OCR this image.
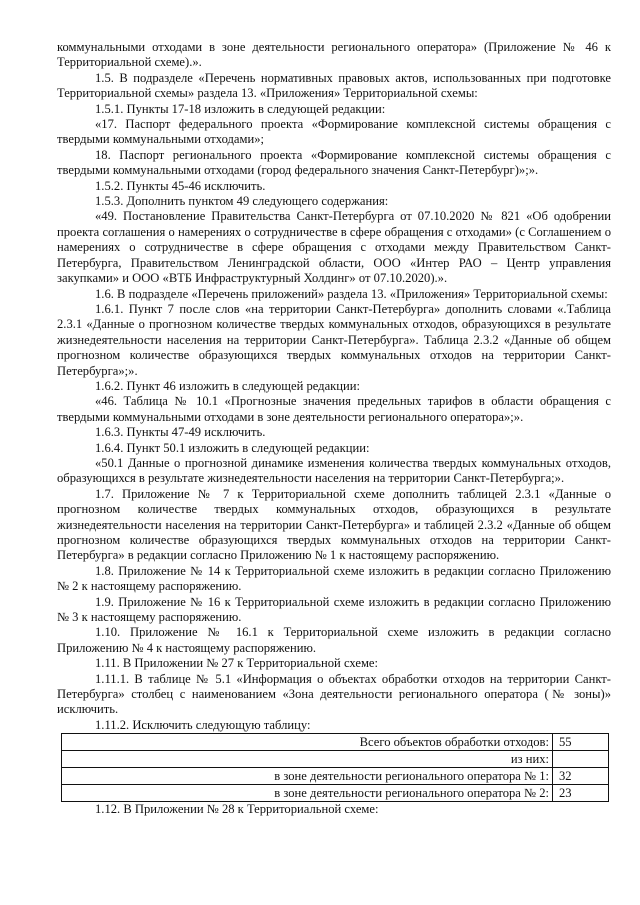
коммунальными отходами в зоне деятельности регионального оператора» (Приложение № 46 к Территориальной схеме).».

1.5. В подразделе «Перечень нормативных правовых актов, использованных при подготовке Территориальной схемы» раздела 13. «Приложения» Территориальной схемы:

1.5.1. Пункты 17-18 изложить в следующей редакции:

«17. Паспорт федерального проекта «Формирование комплексной системы обращения с твердыми коммунальными отходами»;

18. Паспорт регионального проекта «Формирование комплексной системы обращения с твердыми коммунальными отходами (город федерального значения Санкт-Петербург)»;».

1.5.2. Пункты 45-46 исключить.

1.5.3. Дополнить пунктом 49 следующего содержания:

«49. Постановление Правительства Санкт-Петербурга от 07.10.2020 № 821 «Об одобрении проекта соглашения о намерениях о сотрудничестве в сфере обращения с отходами» (с Соглашением о намерениях о сотрудничестве в сфере обращения с отходами между Правительством Санкт-Петербурга, Правительством Ленинградской области, ООО «Интер РАО – Центр управления закупками» и ООО «ВТБ Инфраструктурный Холдинг» от 07.10.2020).».

1.6. В подразделе «Перечень приложений» раздела 13. «Приложения» Территориальной схемы:

1.6.1. Пункт 7 после слов «на территории Санкт-Петербурга» дополнить словами «.Таблица 2.3.1 «Данные о прогнозном количестве твердых коммунальных отходов, образующихся в результате жизнедеятельности населения на территории Санкт-Петербурга». Таблица 2.3.2 «Данные об общем прогнозном количестве образующихся твердых коммунальных отходов на территории Санкт-Петербурга»;».

1.6.2. Пункт 46 изложить в следующей редакции:

«46. Таблица № 10.1 «Прогнозные значения предельных тарифов в области обращения с твердыми коммунальными отходами в зоне деятельности регионального оператора»;».

1.6.3. Пункты 47-49 исключить.

1.6.4. Пункт 50.1 изложить в следующей редакции:

«50.1 Данные о прогнозной динамике изменения количества твердых коммунальных отходов, образующихся в результате жизнедеятельности населения на территории Санкт-Петербурга;».

1.7. Приложение № 7 к Территориальной схеме дополнить таблицей 2.3.1 «Данные о прогнозном количестве твердых коммунальных отходов, образующихся в результате жизнедеятельности населения на территории Санкт-Петербурга» и таблицей 2.3.2 «Данные об общем прогнозном количестве образующихся твердых коммунальных отходов на территории Санкт-Петербурга» в редакции согласно Приложению № 1 к настоящему распоряжению.

1.8. Приложение № 14 к Территориальной схеме изложить в редакции согласно Приложению № 2 к настоящему распоряжению.

1.9. Приложение № 16 к Территориальной схеме изложить в редакции согласно Приложению № 3 к настоящему распоряжению.

1.10. Приложение № 16.1 к Территориальной схеме изложить в редакции согласно Приложению № 4 к настоящему распоряжению.

1.11. В Приложении № 27 к Территориальной схеме:

1.11.1. В таблице № 5.1 «Информация о объектах обработки отходов на территории Санкт-Петербурга» столбец с наименованием «Зона деятельности регионального оператора (№ зоны)» исключить.

1.11.2. Исключить следующую таблицу:

Всего объектов обработки отходов:	55
из них:	
в зоне деятельности регионального оператора № 1:	32
в зоне деятельности регионального оператора № 2:	23

1.12. В Приложении № 28 к Территориальной схеме:
